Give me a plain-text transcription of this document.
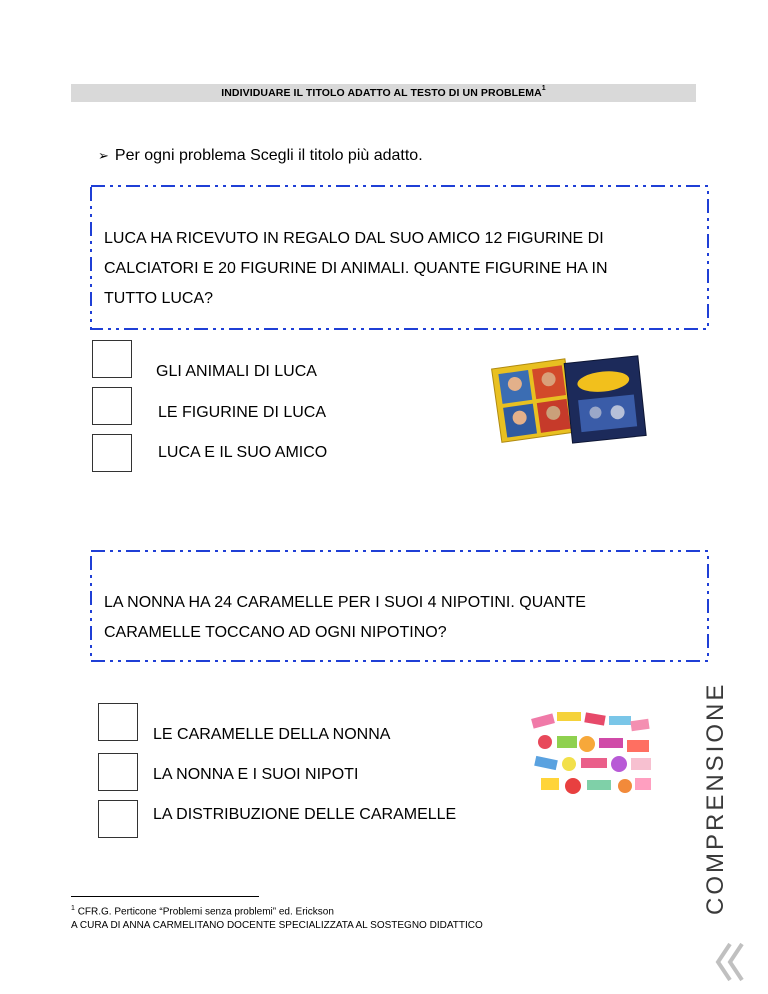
INDIVIDUARE IL TITOLO ADATTO AL TESTO DI UN PROBLEMA$^1$
➢ Per ogni problema Scegli il titolo più adatto.
LUCA HA RICEVUTO IN REGALO DAL SUO AMICO 12 FIGURINE DI
CALCIATORI E 20 FIGURINE DI ANIMALI. QUANTE FIGURINE HA IN
TUTTO LUCA?
GLI ANIMALI DI LUCA
LE FIGURINE DI LUCA
LUCA E IL SUO AMICO
LA NONNA HA 24 CARAMELLE PER I SUOI 4 NIPOTINI. QUANTE
CARAMELLE TOCCANO AD OGNI NIPOTINO?
LE CARAMELLE DELLA NONNA
LA NONNA E I SUOI NIPOTI
LA DISTRIBUZIONE DELLE CARAMELLE	COMPRENSIONE
$^1$ CFR.G. Perticone “Problemi senza problemi” ed. Erickson
A CURA DI ANNA CARMELITANO DOCENTE SPECIALIZZATA AL SOSTEGNO DIDATTICO
